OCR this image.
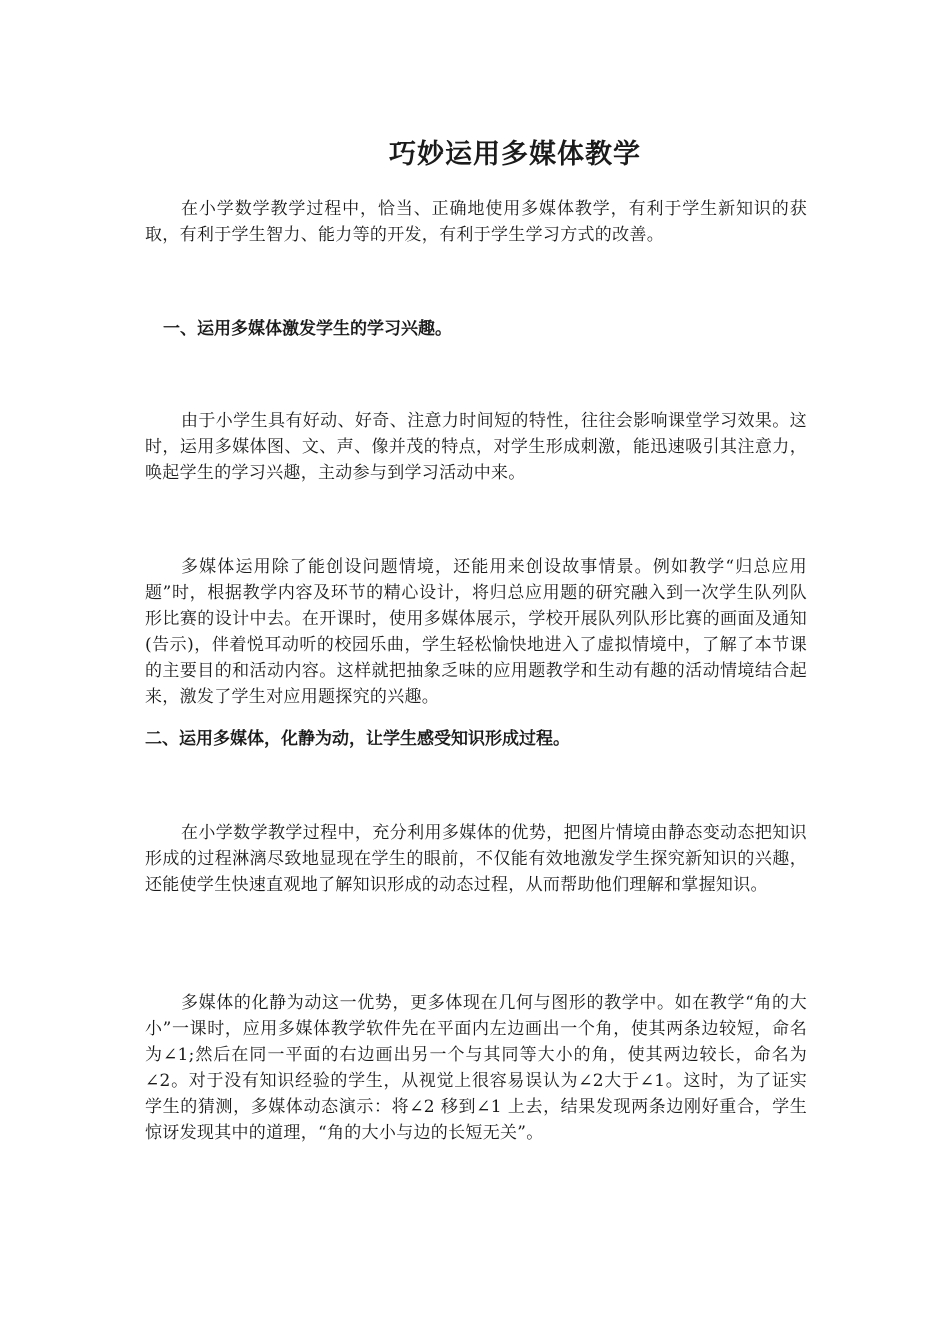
巧妙运用多媒体教学

在小学数学教学过程中，恰当、正确地使用多媒体教学，有利于学生新知识的获取，有利于学生智力、能力等的开发，有利于学生学习方式的改善。

一、运用多媒体激发学生的学习兴趣。

由于小学生具有好动、好奇、注意力时间短的特性，往往会影响课堂学习效果。这时，运用多媒体图、文、声、像并茂的特点，对学生形成刺激，能迅速吸引其注意力，唤起学生的学习兴趣，主动参与到学习活动中来。

多媒体运用除了能创设问题情境，还能用来创设故事情景。例如教学“归总应用题”时，根据教学内容及环节的精心设计，将归总应用题的研究融入到一次学生队列队形比赛的设计中去。在开课时，使用多媒体展示，学校开展队列队形比赛的画面及通知(告示)，伴着悦耳动听的校园乐曲，学生轻松愉快地进入了虚拟情境中，了解了本节课的主要目的和活动内容。这样就把抽象乏味的应用题教学和生动有趣的活动情境结合起来，激发了学生对应用题探究的兴趣。

二、运用多媒体，化静为动，让学生感受知识形成过程。

在小学数学教学过程中，充分利用多媒体的优势，把图片情境由静态变动态把知识形成的过程淋漓尽致地显现在学生的眼前，不仅能有效地激发学生探究新知识的兴趣，还能使学生快速直观地了解知识形成的动态过程，从而帮助他们理解和掌握知识。

多媒体的化静为动这一优势，更多体现在几何与图形的教学中。如在教学“角的大小”一课时，应用多媒体教学软件先在平面内左边画出一个角，使其两条边较短，命名为∠1;然后在同一平面的右边画出另一个与其同等大小的角，使其两边较长，命名为∠2。对于没有知识经验的学生，从视觉上很容易误认为∠2大于∠1。这时，为了证实学生的猜测，多媒体动态演示：将∠2 移到∠1 上去，结果发现两条边刚好重合，学生惊讶发现其中的道理，“角的大小与边的长短无关”。
